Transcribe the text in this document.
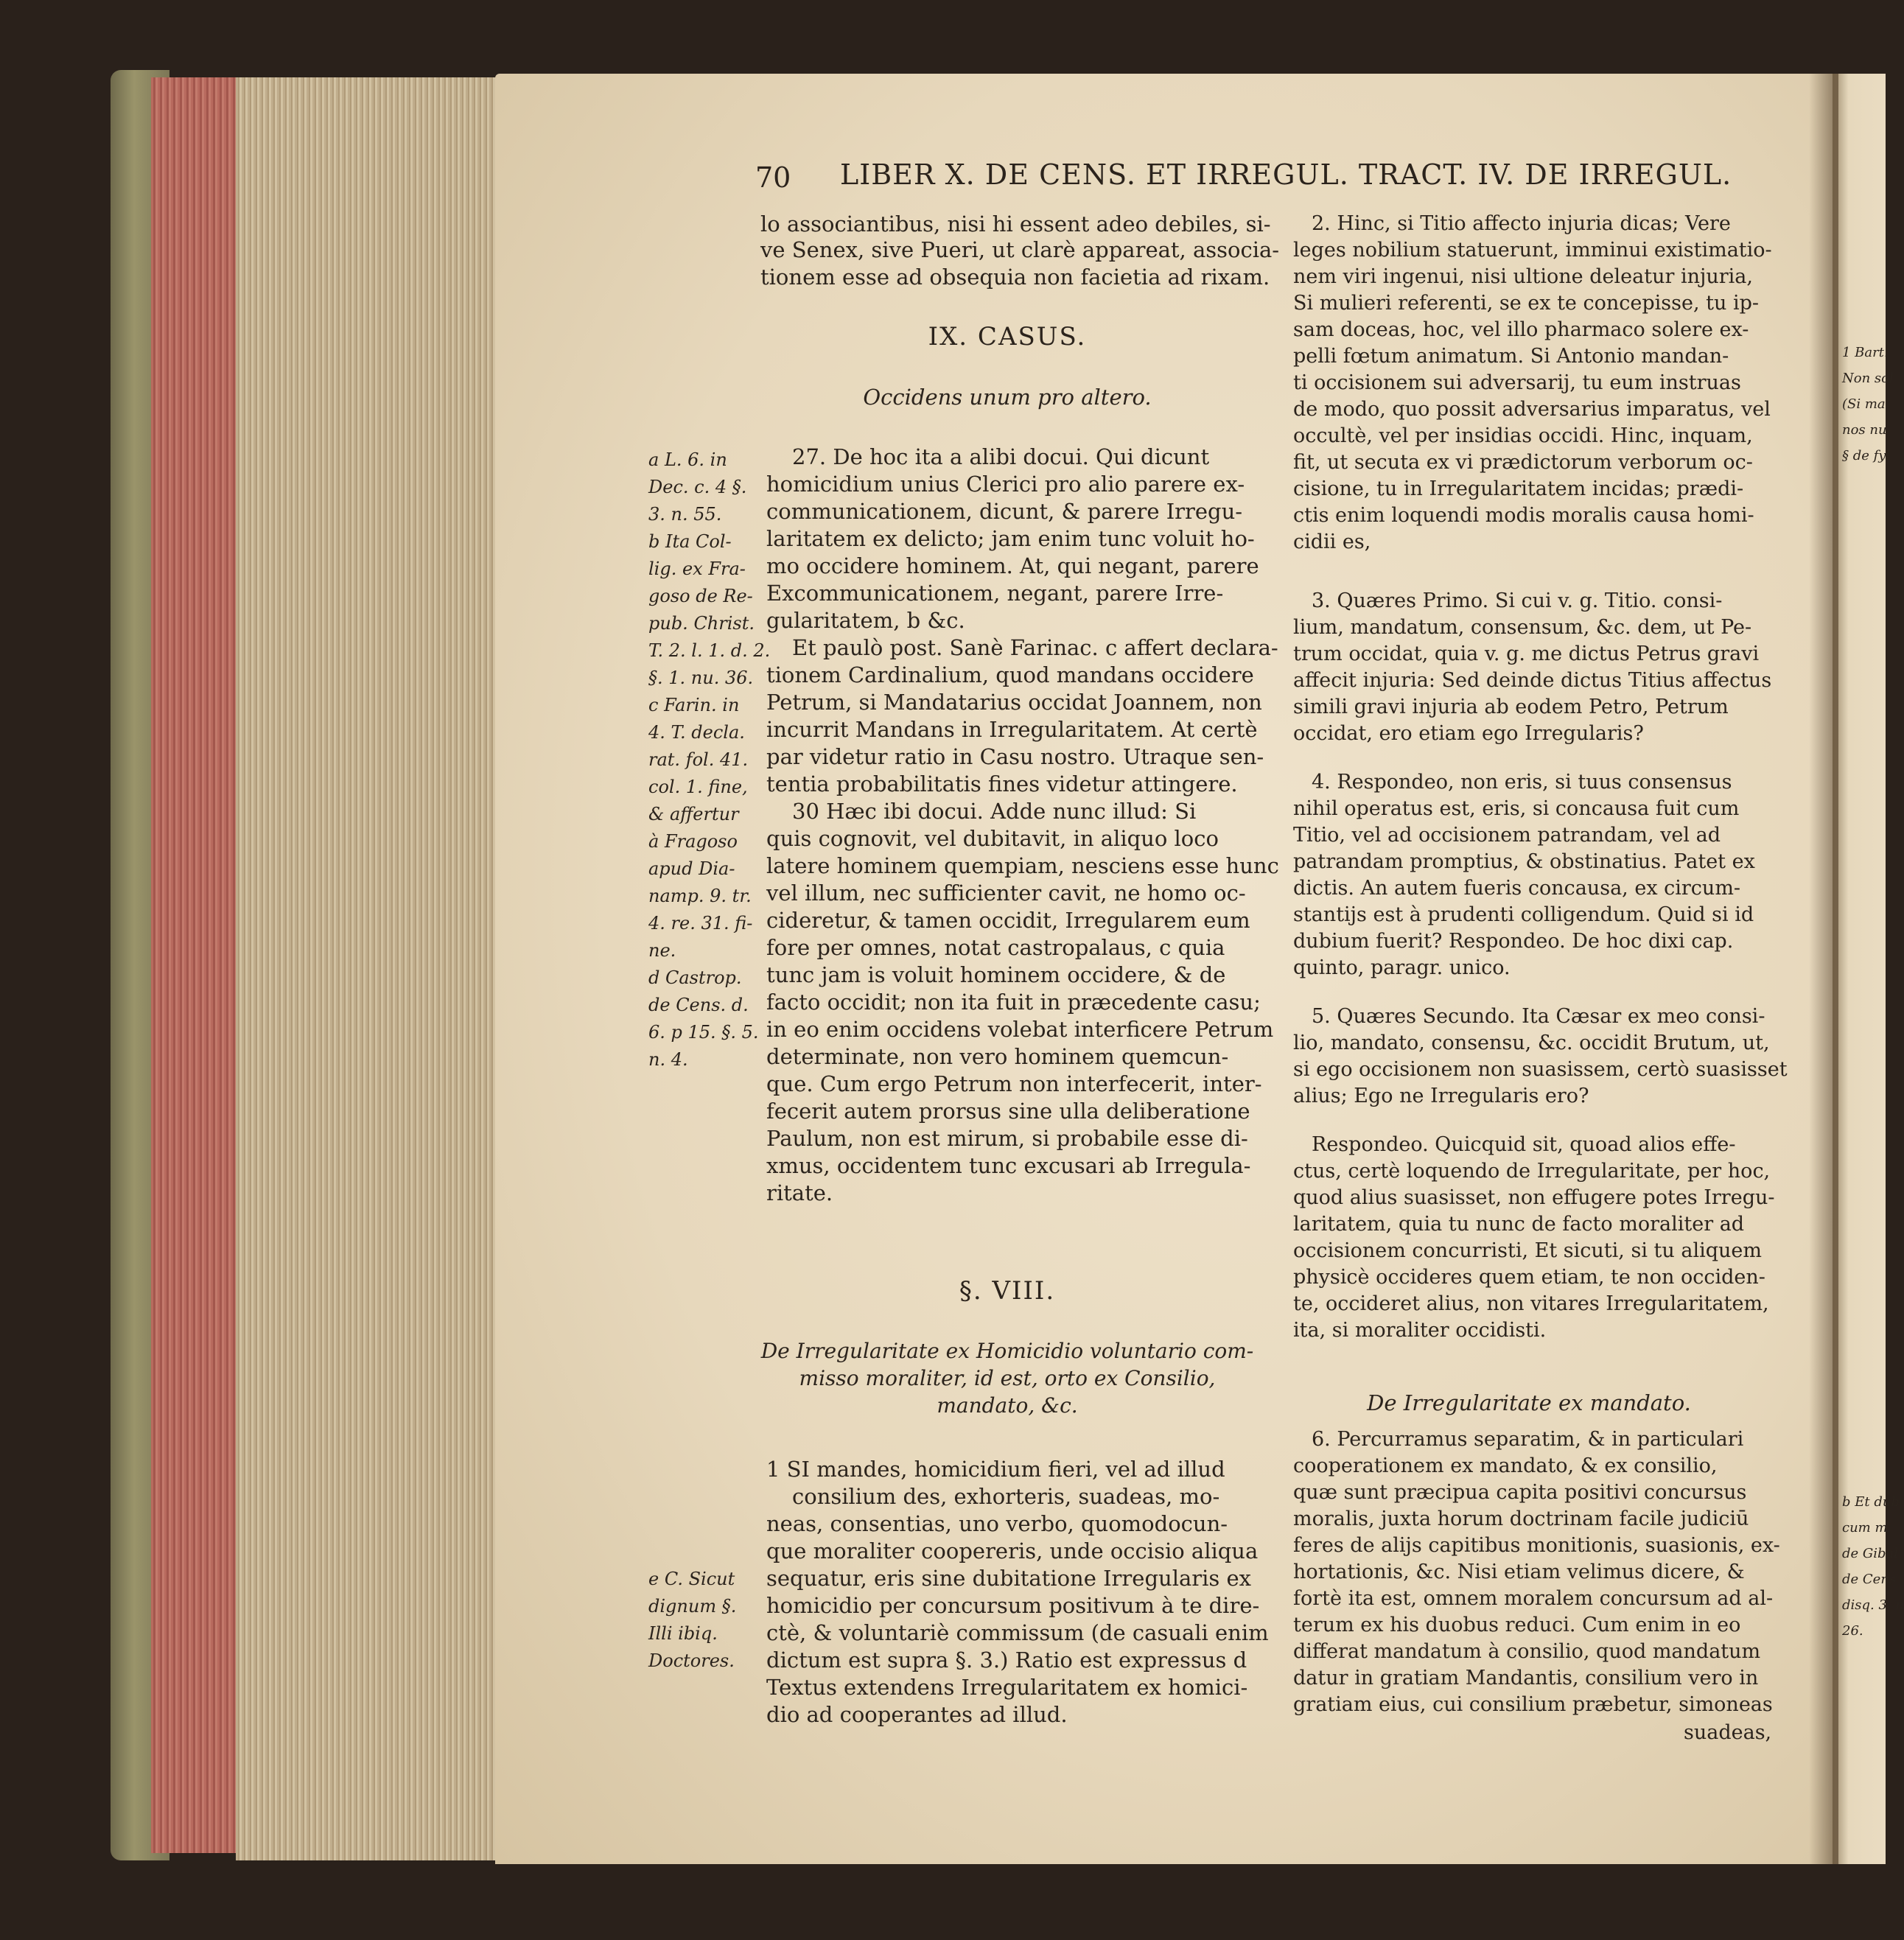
70 LIBER X. DE CENS. ET IRREGUL. TRACT. IV. DE IRREGUL.
lo associantibus, nisi hi essent adeo debiles, si-
ve Senex, sive Pueri, ut clarè appareat, associa-
tionem esse ad obsequia non facietia ad rixam.
IX. CASUS.
Occidens unum pro altero.
27. De hoc ita a alibi docui. Qui dicunt
homicidium unius Clerici pro alio parere ex-
communicationem, dicunt, & parere Irregu-
laritatem ex delicto; jam enim tunc voluit ho-
mo occidere hominem. At, qui negant, parere
Excommunicationem, negant, parere Irre-
gularitatem, b &c.
Et paulò post. Sanè Farinac. c affert declara-
tionem Cardinalium, quod mandans occidere
Petrum, si Mandatarius occidat Joannem, non
incurrit Mandans in Irregularitatem. At certè
par videtur ratio in Casu nostro. Utraque sen-
tentia probabilitatis fines videtur attingere.
30 Hæc ibi docui. Adde nunc illud: Si
quis cognovit, vel dubitavit, in aliquo loco
latere hominem quempiam, nesciens esse hunc
vel illum, nec sufficienter cavit, ne homo oc-
cideretur, & tamen occidit, Irregularem eum
fore per omnes, notat castropalaus, c quia
tunc jam is voluit hominem occidere, & de
facto occidit; non ita fuit in præcedente casu;
in eo enim occidens volebat interficere Petrum
determinate, non vero hominem quemcun-
que. Cum ergo Petrum non interfecerit, inter-
fecerit autem prorsus sine ulla deliberatione
Paulum, non est mirum, si probabile esse di-
xmus, occidentem tunc excusari ab Irregula-
ritate.
§. VIII.
De Irregularitate ex Homicidio voluntario com-
misso moraliter, id est, orto ex Consilio,
mandato, &c.
1 SI mandes, homicidium fieri, vel ad illud
consilium des, exhorteris, suadeas, mo-
neas, consentias, uno verbo, quomodocun-
que moraliter coopereris, unde occisio aliqua
sequatur, eris sine dubitatione Irregularis ex
homicidio per concursum positivum à te dire-
ctè, & voluntariè commissum (de casuali enim
dictum est supra §. 3.) Ratio est expressus d
Textus extendens Irregularitatem ex homici-
dio ad cooperantes ad illud.
a L. 6. in
Dec. c. 4 §.
3. n. 55.
b Ita Col-
lig. ex Fra-
goso de Re-
pub. Christ.
T. 2. l. 1. d. 2.
§. 1. nu. 36.
c Farin. in
4. T. decla.
rat. fol. 41.
col. 1. fine,
& affertur
à Fragoso
apud Dia-
namp. 9. tr.
4. re. 31. fi-
ne.
d Castrop.
de Cens. d.
6. p 15. §. 5.
n. 4.
e C. Sicut
dignum §.
Illi ibiq.
Doctores.
2. Hinc, si Titio affecto injuria dicas; Vere
leges nobilium statuerunt, imminui existimatio-
nem viri ingenui, nisi ultione deleatur injuria,
Si mulieri referenti, se ex te concepisse, tu ip-
sam doceas, hoc, vel illo pharmaco solere ex-
pelli fœtum animatum. Si Antonio mandan-
ti occisionem sui adversarij, tu eum instruas
de modo, quo possit adversarius imparatus, vel
occultè, vel per insidias occidi. Hinc, inquam,
fit, ut secuta ex vi prædictorum verborum oc-
cisione, tu in Irregularitatem incidas; prædi-
ctis enim loquendi modis moralis causa homi-
cidii es,
3. Quæres Primo. Si cui v. g. Titio. consi-
lium, mandatum, consensum, &c. dem, ut Pe-
trum occidat, quia v. g. me dictus Petrus gravi
affecit injuria: Sed deinde dictus Titius affectus
simili gravi injuria ab eodem Petro, Petrum
occidat, ero etiam ego Irregularis?
4. Respondeo, non eris, si tuus consensus
nihil operatus est, eris, si concausa fuit cum
Titio, vel ad occisionem patrandam, vel ad
patrandam promptius, & obstinatius. Patet ex
dictis. An autem fueris concausa, ex circum-
stantijs est à prudenti colligendum. Quid si id
dubium fuerit? Respondeo. De hoc dixi cap.
quinto, paragr. unico.
5. Quæres Secundo. Ita Cæsar ex meo consi-
lio, mandato, consensu, &c. occidit Brutum, ut,
si ego occisionem non suasissem, certò suasisset
alius; Ego ne Irregularis ero?
Respondeo. Quicquid sit, quoad alios effe-
ctus, certè loquendo de Irregularitate, per hoc,
quod alius suasisset, non effugere potes Irregu-
laritatem, quia tu nunc de facto moraliter ad
occisionem concurristi, Et sicuti, si tu aliquem
physicè occideres quem etiam, te non occiden-
te, occideret alius, non vitares Irregularitatem,
ita, si moraliter occidisti.
De Irregularitate ex mandato.
6. Percurramus separatim, & in particulari
cooperationem ex mandato, & ex consilio,
quæ sunt præcipua capita positivi concursus
moralis, juxta horum doctrinam facile judiciū
feres de alijs capitibus monitionis, suasionis, ex-
hortationis, &c. Nisi etiam velimus dicere, &
fortè ita est, omnem moralem concursum ad al-
terum ex his duobus reduci. Cum enim in eo
differat mandatum à consilio, quod mandatum
datur in gratiam Mandantis, consilium vero in
gratiam eius, cui consilium præbetur, simoneas
suadeas,
1 Bart.
Non sol
(Si ma
nos nu
§ de fyl
b Et dub
cum m
de Gibal
de Cens
disq. 3. n
26.
